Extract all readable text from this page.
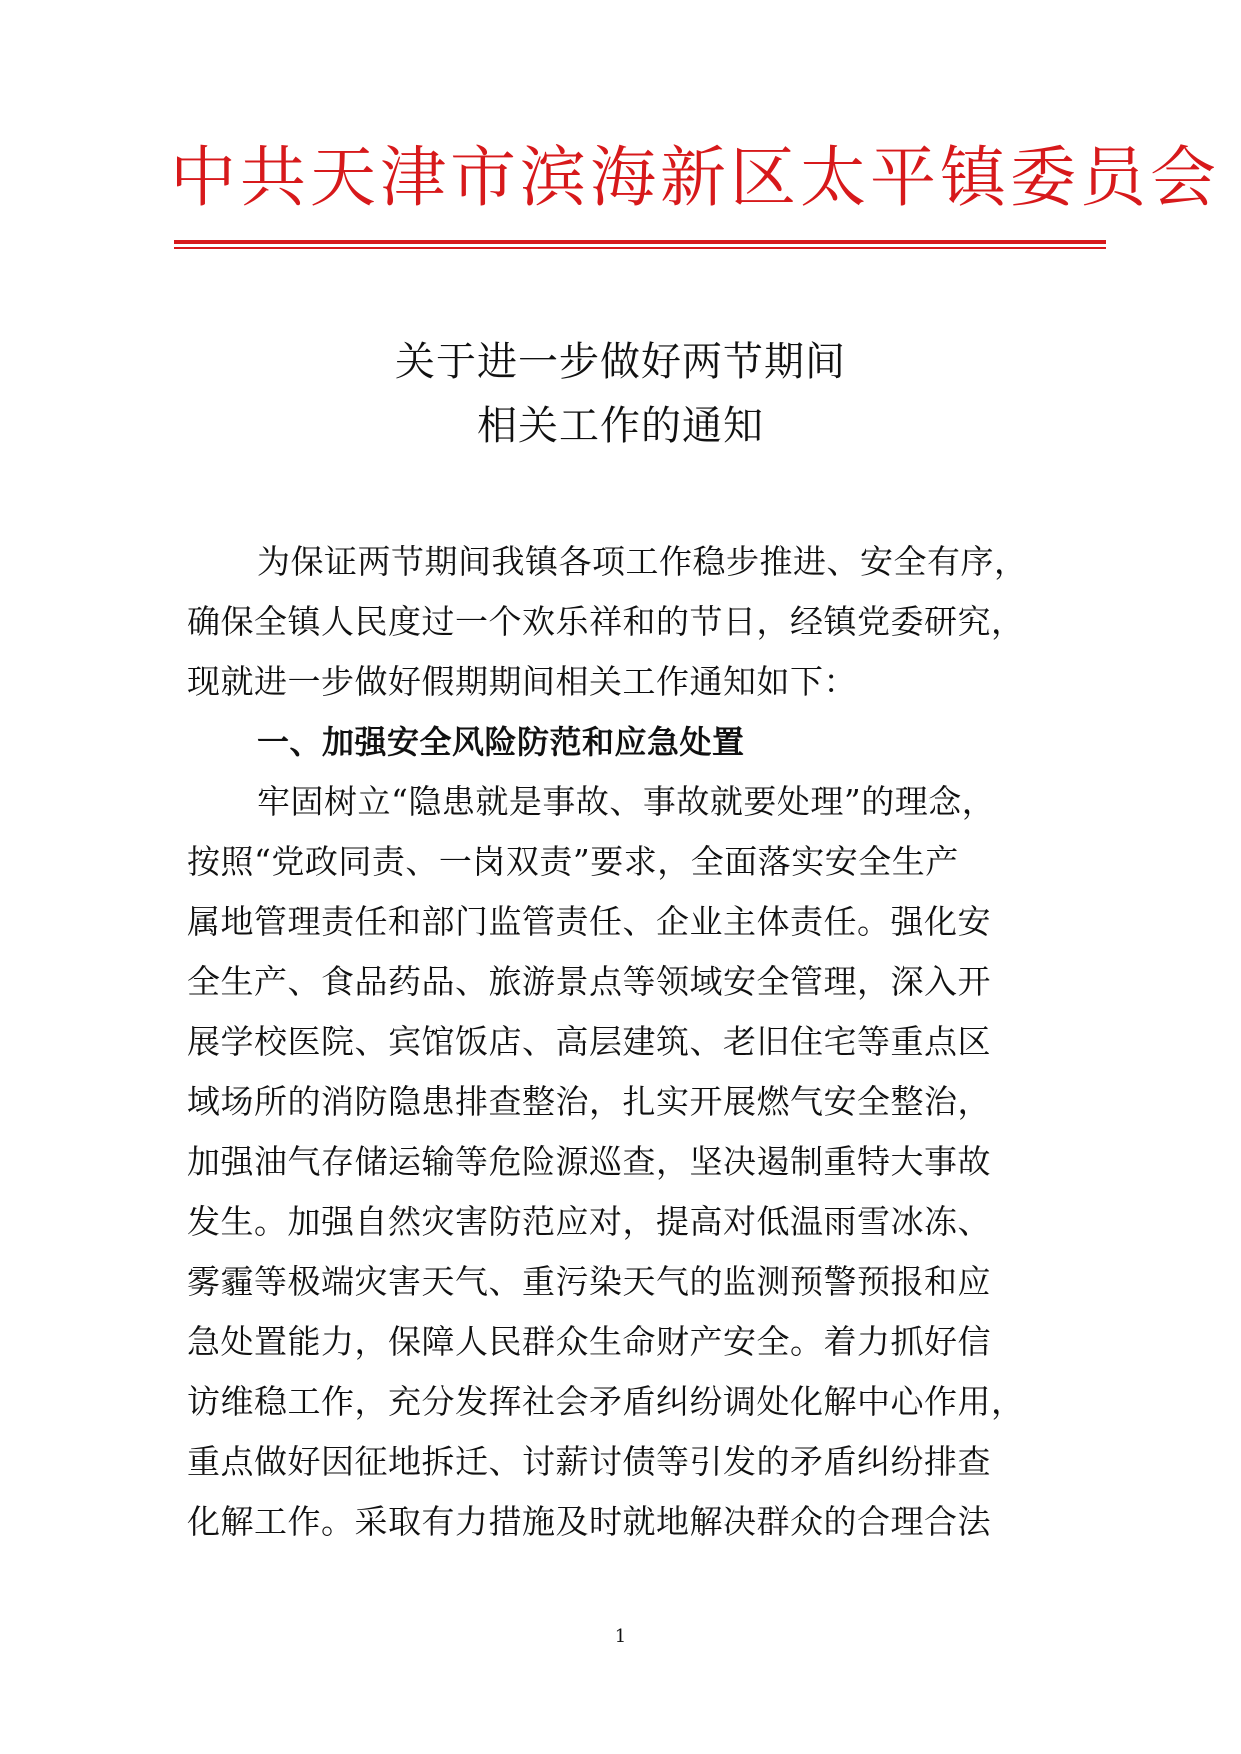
中共天津市滨海新区太平镇委员会
关于进一步做好两节期间
相关工作的通知
为保证两节期间我镇各项工作稳步推进、安全有序，
确保全镇人民度过一个欢乐祥和的节日，经镇党委研究，
现就进一步做好假期期间相关工作通知如下：
一、加强安全风险防范和应急处置
牢固树立“隐患就是事故、事故就要处理”的理念，
按照“党政同责、一岗双责”要求，全面落实安全生产
属地管理责任和部门监管责任、企业主体责任。强化安
全生产、食品药品、旅游景点等领域安全管理，深入开
展学校医院、宾馆饭店、高层建筑、老旧住宅等重点区
域场所的消防隐患排查整治，扎实开展燃气安全整治，
加强油气存储运输等危险源巡查，坚决遏制重特大事故
发生。加强自然灾害防范应对，提高对低温雨雪冰冻、
雾霾等极端灾害天气、重污染天气的监测预警预报和应
急处置能力，保障人民群众生命财产安全。着力抓好信
访维稳工作，充分发挥社会矛盾纠纷调处化解中心作用，
重点做好因征地拆迁、讨薪讨债等引发的矛盾纠纷排查
化解工作。采取有力措施及时就地解决群众的合理合法
1
